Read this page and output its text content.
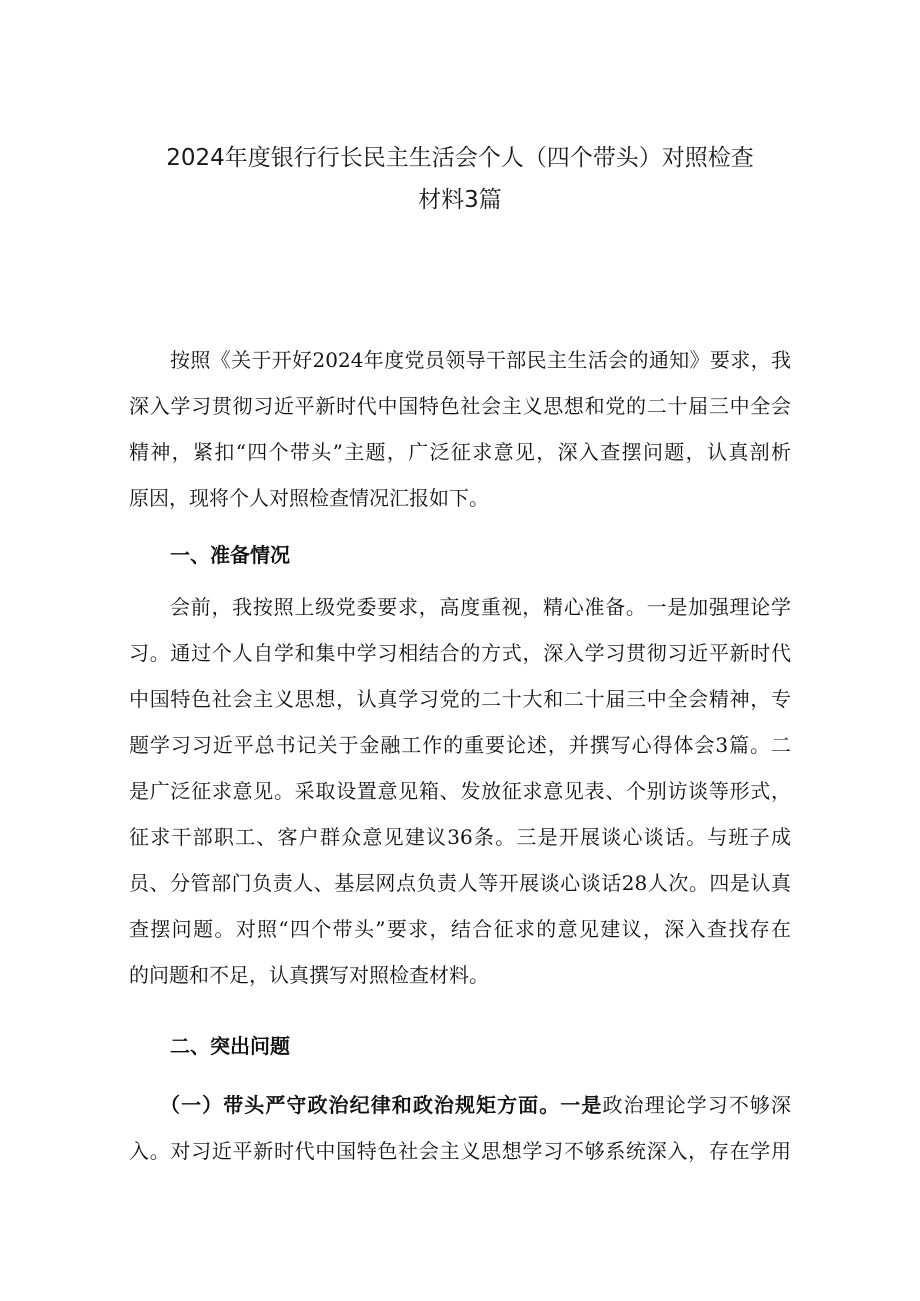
2024年度银行行长民主生活会个人（四个带头）对照检查
材料3篇
按照《关于开好2024年度党员领导干部民主生活会的通知》要求，我
深入学习贯彻习近平新时代中国特色社会主义思想和党的二十届三中全会
精神，紧扣“四个带头”主题，广泛征求意见，深入查摆问题，认真剖析
原因，现将个人对照检查情况汇报如下。
一、准备情况
会前，我按照上级党委要求，高度重视，精心准备。一是加强理论学
习。通过个人自学和集中学习相结合的方式，深入学习贯彻习近平新时代
中国特色社会主义思想，认真学习党的二十大和二十届三中全会精神，专
题学习习近平总书记关于金融工作的重要论述，并撰写心得体会3篇。二
是广泛征求意见。采取设置意见箱、发放征求意见表、个别访谈等形式，
征求干部职工、客户群众意见建议36条。三是开展谈心谈话。与班子成
员、分管部门负责人、基层网点负责人等开展谈心谈话28人次。四是认真
查摆问题。对照“四个带头”要求，结合征求的意见建议，深入查找存在
的问题和不足，认真撰写对照检查材料。
二、突出问题
（一）带头严守政治纪律和政治规矩方面。一是政治理论学习不够深
入。对习近平新时代中国特色社会主义思想学习不够系统深入，存在学用
